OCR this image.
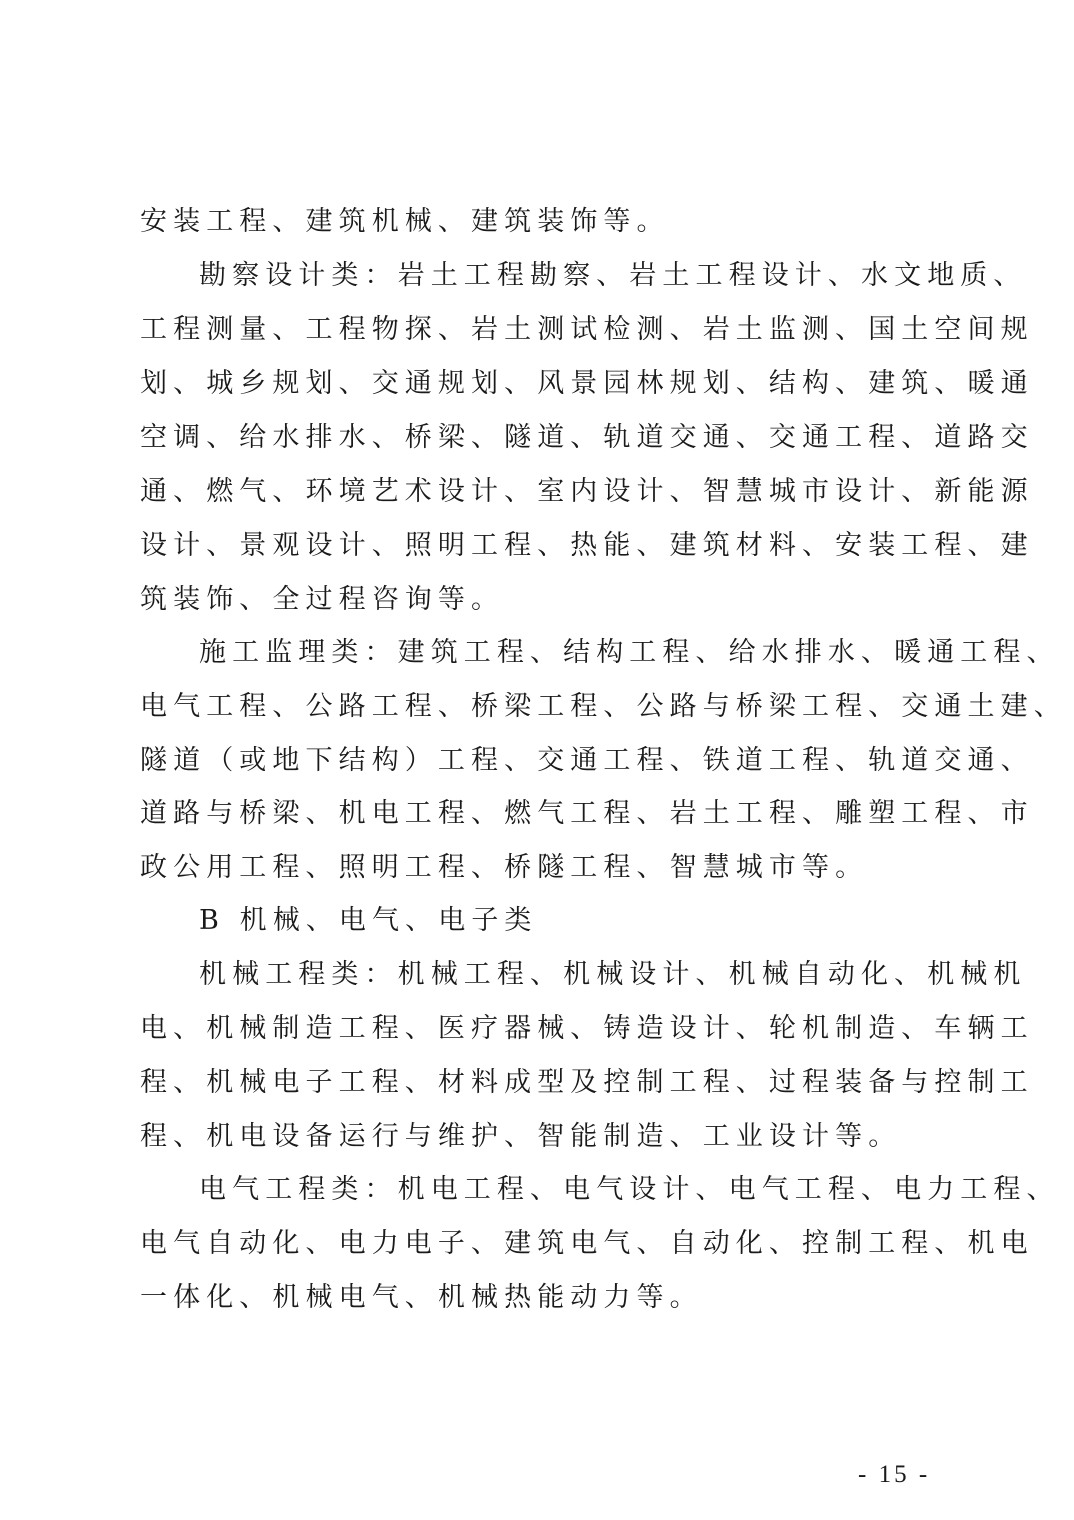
安装工程、建筑机械、建筑装饰等。
勘察设计类：岩土工程勘察、岩土工程设计、水文地质、
工程测量、工程物探、岩土测试检测、岩土监测、国土空间规
划、城乡规划、交通规划、风景园林规划、结构、建筑、暖通
空调、给水排水、桥梁、隧道、轨道交通、交通工程、道路交
通、燃气、环境艺术设计、室内设计、智慧城市设计、新能源
设计、景观设计、照明工程、热能、建筑材料、安装工程、建
筑装饰、全过程咨询等。
施工监理类：建筑工程、结构工程、给水排水、暖通工程、
电气工程、公路工程、桥梁工程、公路与桥梁工程、交通土建、
隧道（或地下结构）工程、交通工程、铁道工程、轨道交通、
道路与桥梁、机电工程、燃气工程、岩土工程、雕塑工程、市
政公用工程、照明工程、桥隧工程、智慧城市等。
B 机械、电气、电子类
机械工程类：机械工程、机械设计、机械自动化、机械机
电、机械制造工程、医疗器械、铸造设计、轮机制造、车辆工
程、机械电子工程、材料成型及控制工程、过程装备与控制工
程、机电设备运行与维护、智能制造、工业设计等。
电气工程类：机电工程、电气设计、电气工程、电力工程、
电气自动化、电力电子、建筑电气、自动化、控制工程、机电
一体化、机械电气、机械热能动力等。
- 15 -
